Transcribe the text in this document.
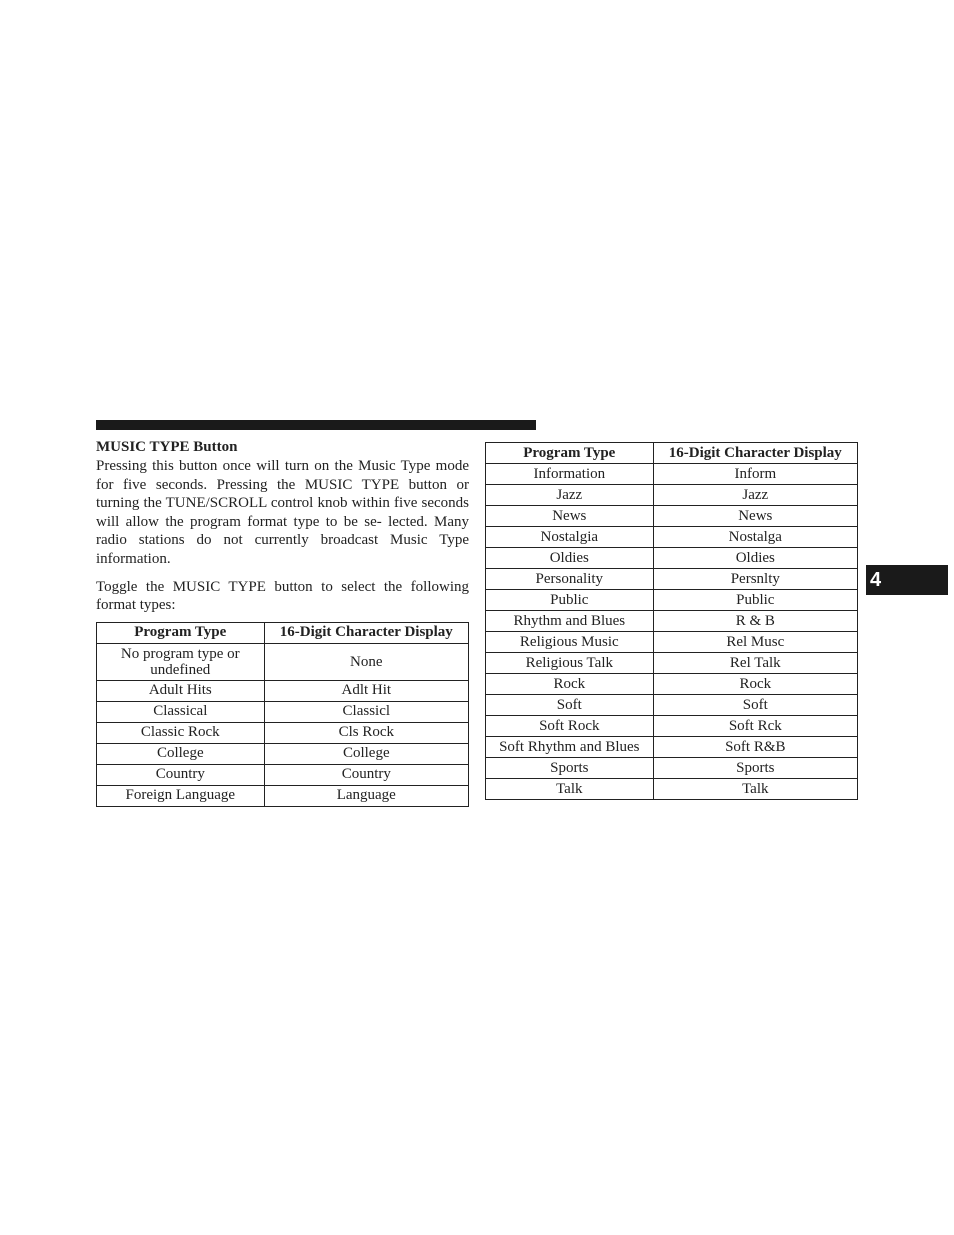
MUSIC TYPE Button

Pressing this button once will turn on the Music Type mode for five seconds. Pressing the MUSIC TYPE button or turning the TUNE/SCROLL control knob within five seconds will allow the program format type to be se- lected. Many radio stations do not currently broadcast Music Type information.

Toggle the MUSIC TYPE button to select the following format types:

Program Type	16-Digit Character Display
No program type or undefined	None
Adult Hits	Adlt Hit
Classical	Classicl
Classic Rock	Cls Rock
College	College
Country	Country
Foreign Language	Language
Program Type	16-Digit Character Display
Information	Inform
Jazz	Jazz
News	News
Nostalgia	Nostalga
Oldies	Oldies
Personality	Persnlty
Public	Public
Rhythm and Blues	R & B
Religious Music	Rel Musc
Religious Talk	Rel Talk
Rock	Rock
Soft	Soft
Soft Rock	Soft Rck
Soft Rhythm and Blues	Soft R&B
Sports	Sports
Talk	Talk
4
